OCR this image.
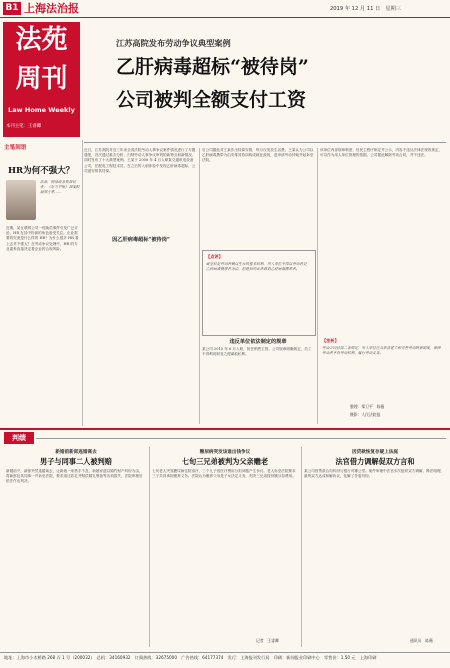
B1 上海法治报	2019 年 12 月 11 日　星期三
法苑
周刊
Law Home Weekly
本刊主笔：王睿卿
主笔间语
HR为何不强大？
法治，网易政务资深记者，《东方早报》深度报道部主笔……
近期，某互联网公司一则裁员事件引发广泛讨论，HR 在其中扮演的角色备受关注。企业需要的究竟是什么样的 HR？为什么很多 HR 看上去并不强大？在劳动争议处理中，HR 的专业素养直接决定着企业的合规风险。
江苏高院发布劳动争议典型案例
乙肝病毒超标“被待岗”
公司被判全额支付工资
近日，江苏高院对近三年来全省法院劳动人事争议案件情况进行了专题通报，首次通过重点分析，归纳劳动人事争议审判的新特点和新情况，同时发布了十大典型案例。王某于 2008 年 4 月入职某交通机电设备公司，任配电工程技术员。在之后的入职体检中发现乙肝病毒超标，公司遂安排其待岗。
因乙肝病毒超标“被待岗”
后公司据此对王某作出待岗安排，每月仅发放生活费。王某认为公司以乙肝病毒携带为由安排其待岗构成就业歧视，遂申请劳动仲裁并起诉至法院。
【点评】
就业权是劳动者赖以生存的基本权利，用人单位不得以劳动者是乙肝病毒携带者为由，拒绝招用或者辞退乙肝病毒携带者。
违反单位依法制定的规章
某公司 2015 年 6 月入职，担任销售主管。公司规章明确规定，员工不得利用职务之便谋取私利。
该单位内部规章制度，经民主程序制定并公示，内容不违反法律法规的规定，可以作为用人单位管理的依据。公司据此解除劳动合同，并不违法。
【法析】
劳动合同法第二条规定，用人单位应当依法建立和完善劳动规章制度，保障劳动者享有劳动权利、履行劳动义务。
整理：郑卫平　陈薇
摄影：人民法院报
判绩
新婚前新郎逃婚离去
男子与同事二人被判赔
新婚前夕，新郎突然逃婚离去，让新娘一家措手不及。新娘家遂以婚约财产纠纷为由，将新郎及其同事一并诉至法院，要求返还彩礼并赔偿婚礼筹备等各项损失，法院审理后依法作出判决。
糖尿病突发该谁出钱争议
七旬三兄弟被判为父亲赡老
七旬老人突发糖尿病住院治疗，三个儿子因医疗费用分担问题产生争议。老人诉至法院要求三子共同承担赡养义务。法院认为赡养父母是子女法定义务，判决三兄弟按份额分担费用。
记者　王睿卿
因贷款恢复存疑上法庭
法官借力调解促双方言和
某公司因贷款合同纠纷与银行对簿公堂。案件审理中法官多次组织双方调解，释法明理，最终双方达成和解协议，化解了矛盾纠纷。
通讯员　陈薇
地址：上海市小木桥路 268 弄 1 号（200032）　总机：34160932　订阅热线：32675000　广告热线：64177374　发行：上海报刊发行局　印刷：新闻报业印刷中心　零售价：1.50 元　上海印刷
